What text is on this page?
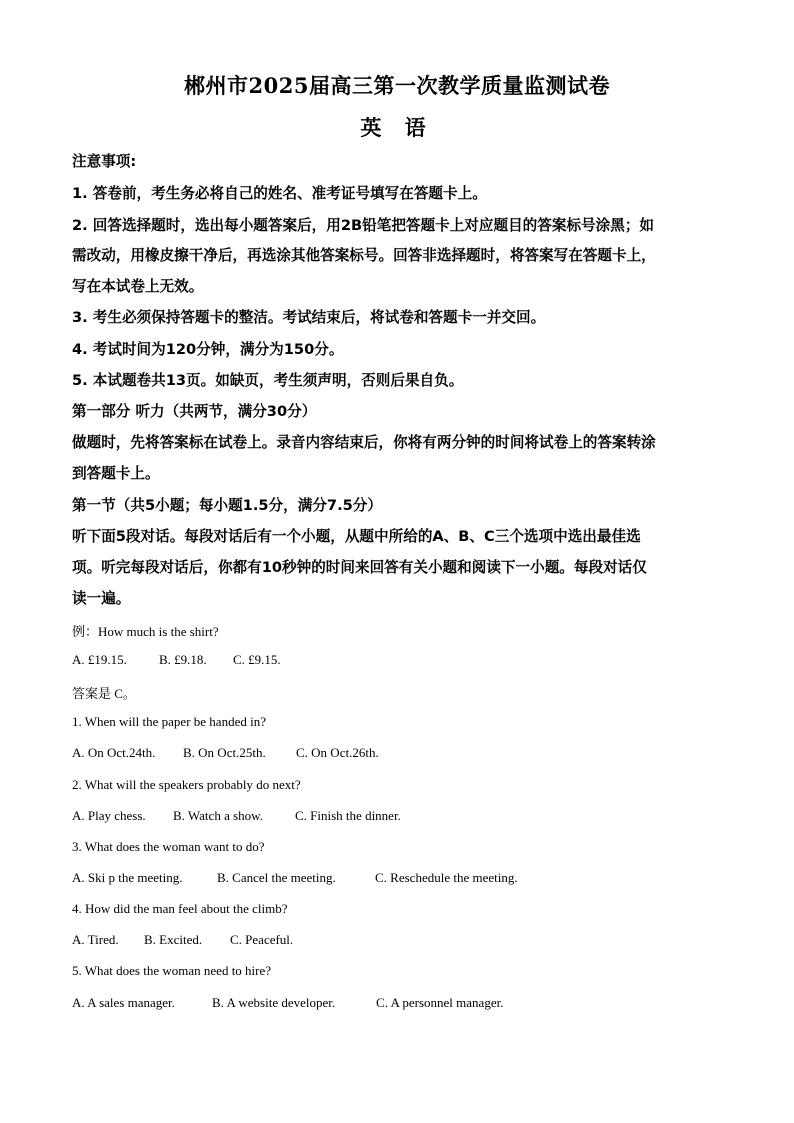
郴州市2025届高三第一次教学质量监测试卷
英 语
注意事项:
1. 答卷前，考生务必将自己的姓名、准考证号填写在答题卡上。
2. 回答选择题时，选出每小题答案后，用2B铅笔把答题卡上对应题目的答案标号涂黑；如
需改动，用橡皮擦干净后，再选涂其他答案标号。回答非选择题时，将答案写在答题卡上，
写在本试卷上无效。
3. 考生必须保持答题卡的整洁。考试结束后，将试卷和答题卡一并交回。
4. 考试时间为120分钟，满分为150分。
5. 本试题卷共13页。如缺页，考生须声明，否则后果自负。
第一部分 听力（共两节，满分30分）
做题时，先将答案标在试卷上。录音内容结束后，你将有两分钟的时间将试卷上的答案转涂
到答题卡上。
第一节（共5小题；每小题1.5分，满分7.5分）
听下面5段对话。每段对话后有一个小题，从题中所给的A、B、C三个选项中选出最佳选
项。听完每段对话后，你都有10秒钟的时间来回答有关小题和阅读下一小题。每段对话仅
读一遍。
例：How much is the shirt?
A. £19.15. B. £9.18. C. £9.15.
答案是 C。
1. When will the paper be handed in?
A. On Oct.24th. B. On Oct.25th. C. On Oct.26th.
2. What will the speakers probably do next?
A. Play chess. B. Watch a show. C. Finish the dinner.
3. What does the woman want to do?
A. Ski p the meeting.	B. Cancel the meeting.	C. Reschedule the meeting.
4. How did the man feel about the climb?
A. Tired. B. Excited. C. Peaceful.
5. What does the woman need to hire?
A. A sales manager.	B. A website developer.	C. A personnel manager.
